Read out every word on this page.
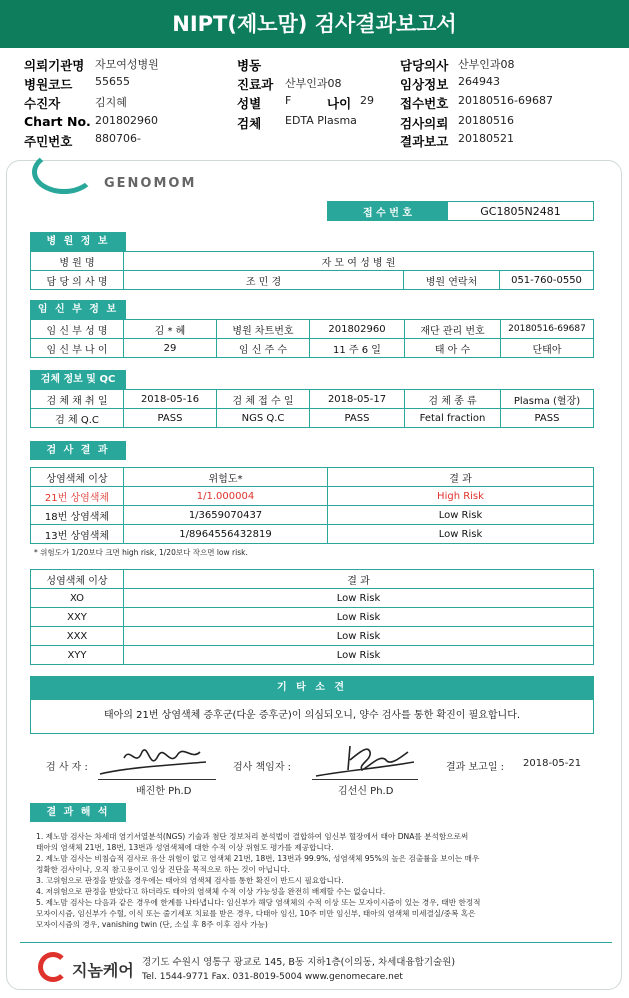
NIPT(제노맘) 검사결과보고서
의뢰기관명 자모여성병원	병동	담당의사 산부인과08
병원코드 55655	진료과 산부인과08	임상정보 264943
수진자	김지혜	성별 F	나이 29 접수번호 20180516-69687
Chart No. 201802960	검체 EDTA Plasma	검사의뢰 20180516
주민번호 880706-	결과보고 20180521
GENOMOM
접 수 번 호	GC1805N2481
병 원 정 보
병 원 명	자 모 여 성 병 원		
담 당 의 사 명	조 민 경	병원 연락처	051-760-0550
임 신 부 정 보
임 신 부 성 명	김 * 혜	병원 차트번호	201802960	재단 관리 번호	20180516-69687
임 신 부 나 이	29	임 신 주 수	11 주 6 일	태 아 수	단태아
검체 정보 및 QC
검 체 채 취 일	2018-05-16	검 체 접 수 일	2018-05-17	검 체 종 류	Plasma (혈장)
검 체 Q.C	PASS	NGS Q.C	PASS	Fetal fraction	PASS
검 사 결 과
상염색체 이상	위험도*	결 과
21번 상염색체	1/1.000004	High Risk
18번 상염색체	1/3659070437	Low Risk
13번 상염색체	1/8964556432819	Low Risk
* 위험도가 1/20보다 크면 high risk, 1/20보다 작으면 low risk.
성염색체 이상	결 과
XO	Low Risk
XXY	Low Risk
XXX	Low Risk
XYY	Low Risk
기 타 소 견
태아의 21번 상염색체 증후군(다운 증후군)이 의심되오니, 양수 검사를 통한 확진이 필요합니다.
검 사 자 :
배진한 Ph.D
검사 책임자 :
김선신 Ph.D
결과 보고일 : 2018-05-21
결 과 해 석

1. 제노맘 검사는 차세대 염기서열분석(NGS) 기술과 첨단 정보처리 분석법이 결합하여 임신부 혈장에서 태아 DNA를 분석함으로써

태아의 염색체 21번, 18번, 13번과 성염색체에 대한 수적 이상 위험도 평가를 제공합니다.

2. 제노맘 검사는 비침습적 검사로 유산 위험이 없고 염색체 21번, 18번, 13번과 99.9%, 성염색체 95%의 높은 검출률을 보이는 매우

정확한 검사이나, 오직 참고용이고 임상 진단을 목적으로 하는 것이 아닙니다.

3. 고위험으로 판정을 받았을 경우에는 태아의 염색체 검사를 통한 확진이 반드시 필요합니다.

4. 저위험으로 판정을 받았다고 하더라도 태아의 염색체 수적 이상 가능성을 완전히 배제할 수는 없습니다.

5. 제노맘 검사는 다음과 같은 경우에 한계를 나타냅니다: 임신부가 해당 염색체의 수적 이상 또는 모자이시즘이 있는 경우, 태반 한정적

모자이시즘, 임신부가 수혈, 이식 또는 줄기세포 치료를 받은 경우, 다태아 임신, 10주 미만 임신부, 태아의 염색체 미세결실/중복 혹은

모자이시즘의 경우, vanishing twin (단, 소실 후 8주 이후 검사 가능)

지놈케어 경기도 수원시 영통구 광교로 145, B동 지하1층(이의동, 차세대융합기술원)
Tel. 1544-9771 Fax. 031-8019-5004 www.genomecare.net
